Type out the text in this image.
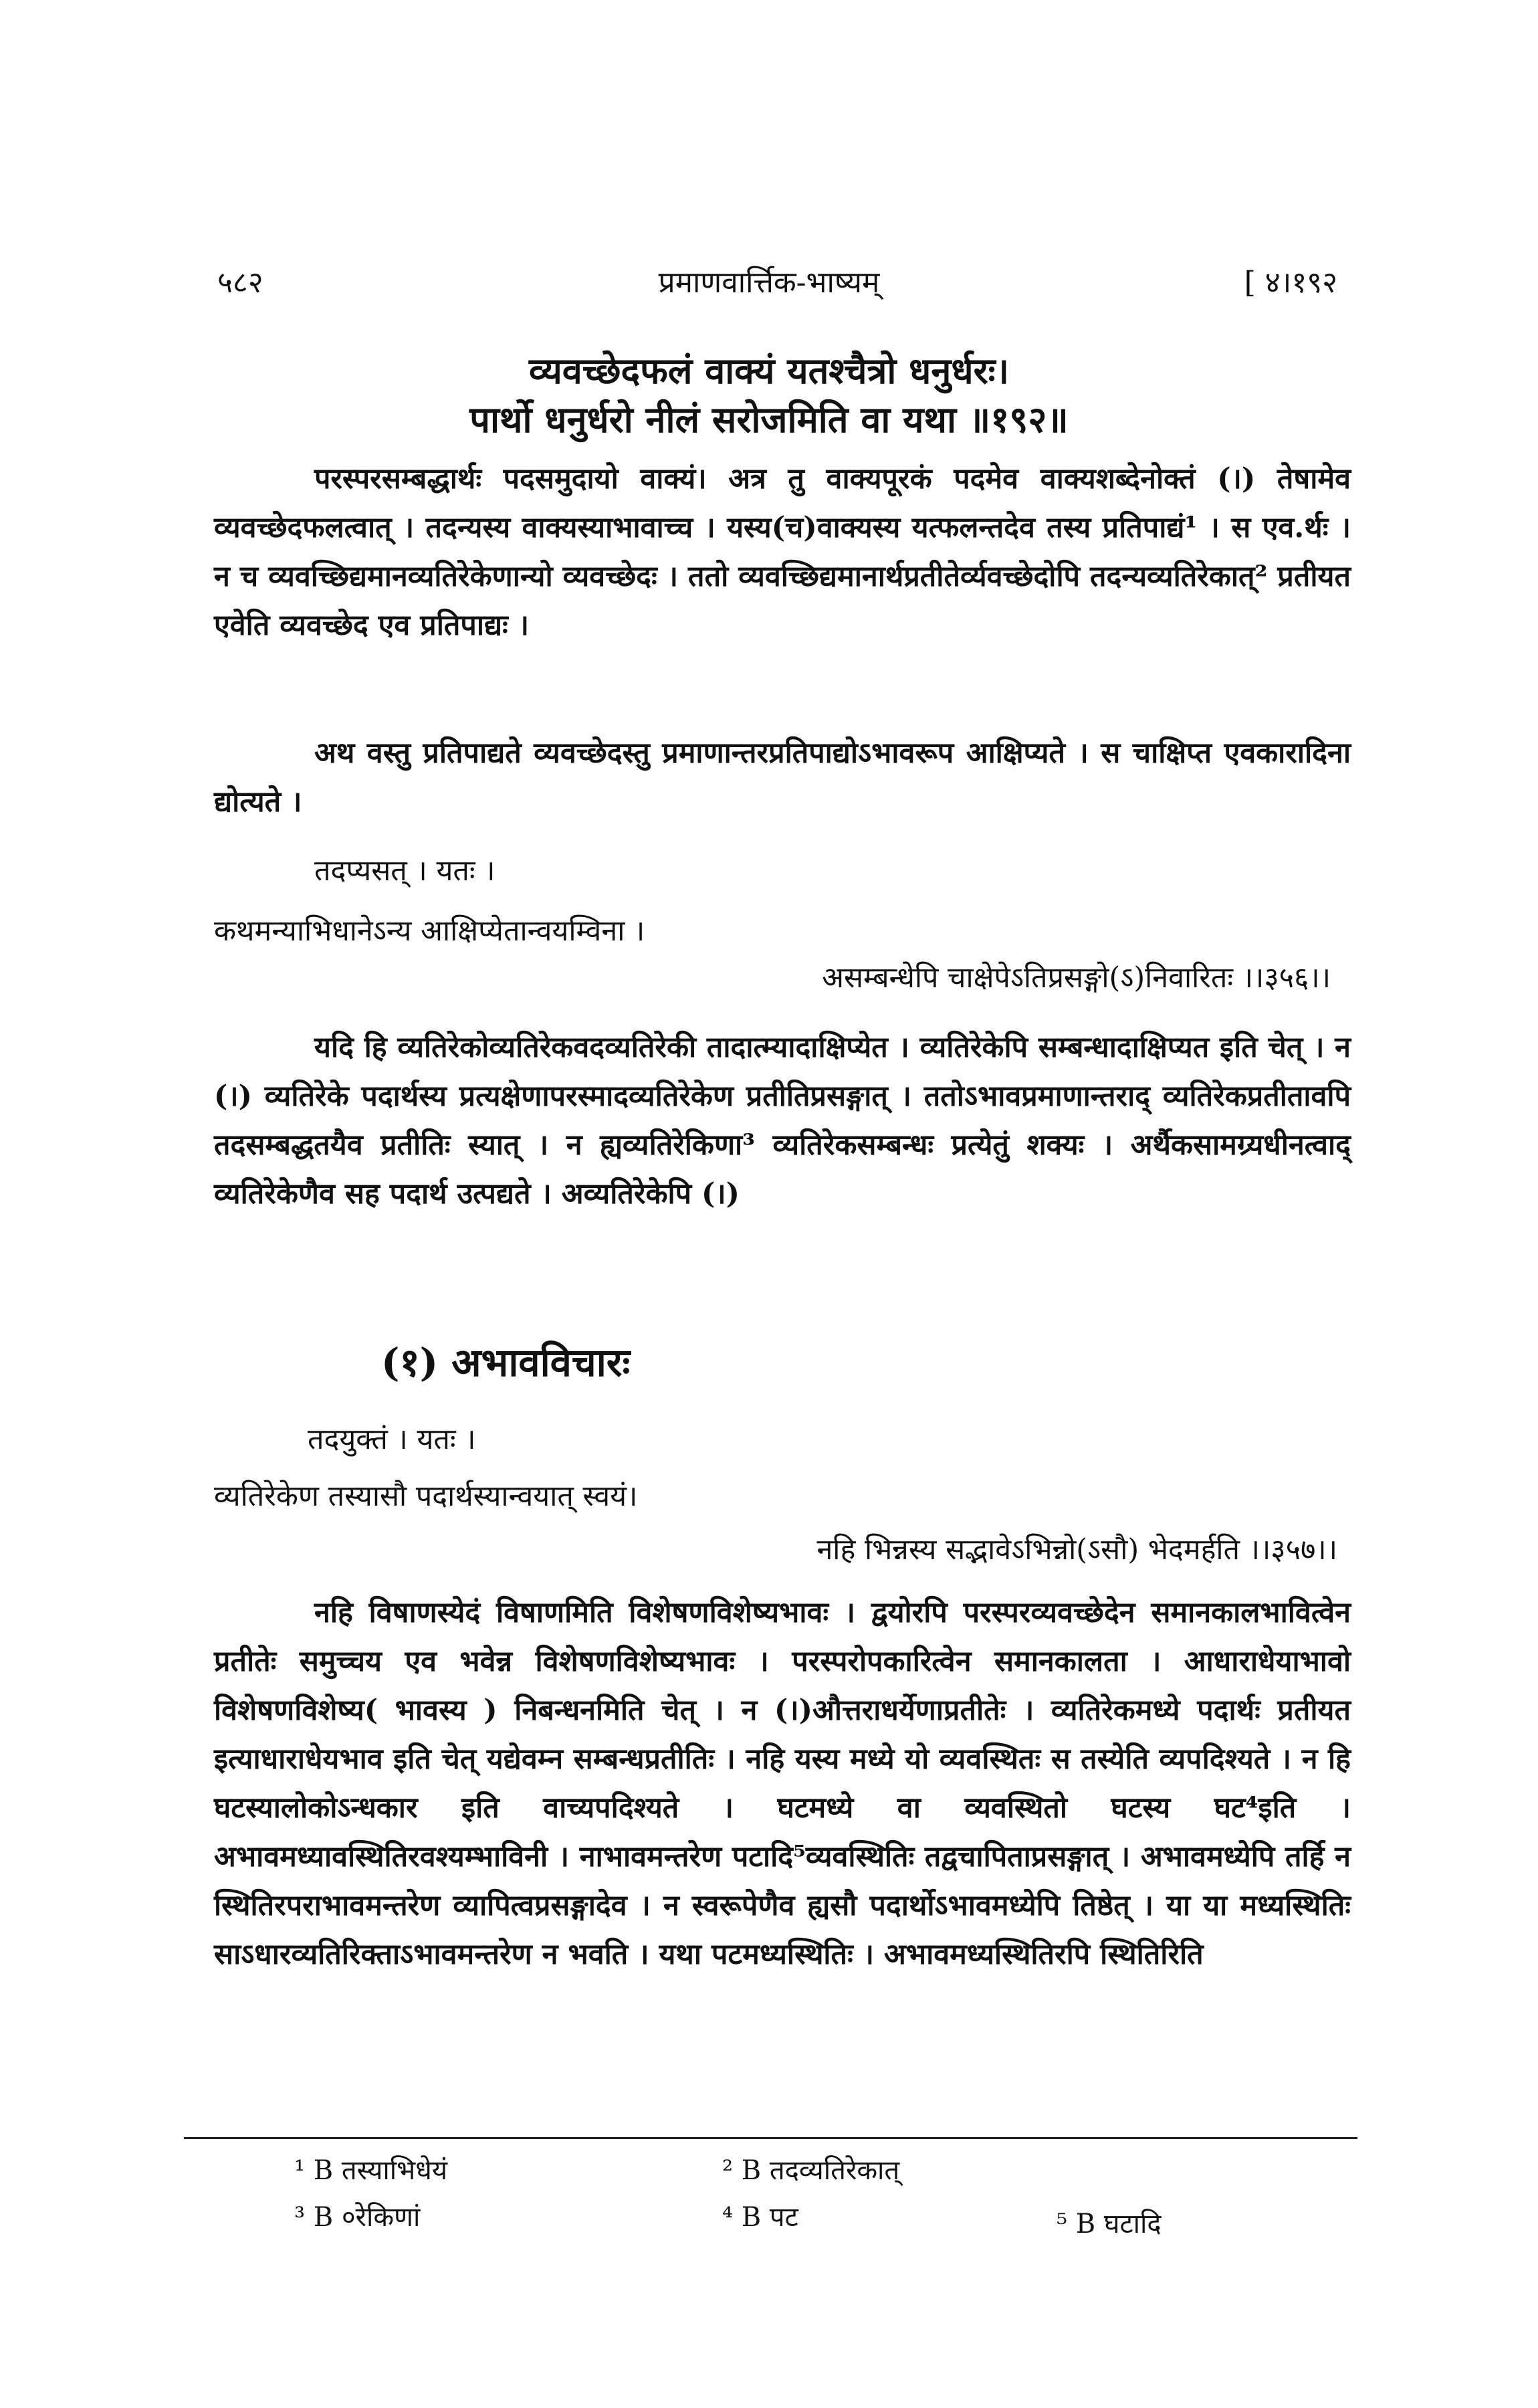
५८२	प्रमाणवार्त्तिक-भाष्यम्	[ ४।१९२
व्यवच्छेदफलं वाक्यं यतश्चैत्रो धनुर्धरः।
पार्थो धनुर्धरो नीलं सरोजमिति वा यथा ॥१९२॥

परस्परसम्बद्धार्थः पदसमुदायो वाक्यं। अत्र तु वाक्यपूरकं पदमेव वाक्यशब्देनोक्तं (।) तेषामेव व्यवच्छेदफलत्वात् । तदन्यस्य वाक्यस्याभावाच्च । यस्य(च)वाक्यस्य यत्फलन्तदेव तस्य प्रतिपाद्यं¹ । स एव.र्थः । न च व्यवच्छिद्यमानव्यतिरेकेणान्यो व्यवच्छेदः । ततो व्यवच्छिद्यमानार्थप्रतीतेर्व्यवच्छेदोपि तदन्यव्यतिरेकात्² प्रतीयत एवेति व्यवच्छेद एव प्रतिपाद्यः ।

अथ वस्तु प्रतिपाद्यते व्यवच्छेदस्तु प्रमाणान्तरप्रतिपाद्योऽभावरूप आक्षिप्यते । स चाक्षिप्त एवकारादिना द्योत्यते ।

तदप्यसत् । यतः ।
कथमन्याभिधानेऽन्य आक्षिप्येतान्वयम्विना ।
असम्बन्धेपि चाक्षेपेऽतिप्रसङ्गो(ऽ)निवारितः ।।३५६।।

यदि हि व्यतिरेकोव्यतिरेकवदव्यतिरेकी तादात्म्यादाक्षिप्येत । व्यतिरेकेपि सम्बन्धादाक्षिप्यत इति चेत् । न (।) व्यतिरेके पदार्थस्य प्रत्यक्षेणापरस्मादव्यतिरेकेण प्रतीतिप्रसङ्गात् । ततोऽभावप्रमाणान्तराद् व्यतिरेकप्रतीतावपि तदसम्बद्धतयैव प्रतीतिः स्यात् । न ह्यव्यतिरेकिणा³ व्यतिरेकसम्बन्धः प्रत्येतुं शक्यः । अर्थैकसामग्र्यधीनत्वाद् व्यतिरेकेणैव सह पदार्थ उत्पद्यते । अव्यतिरेकेपि (।)

(१) अभावविचारः
तदयुक्तं । यतः ।
व्यतिरेकेण तस्यासौ पदार्थस्यान्वयात् स्वयं।
नहि भिन्नस्य सद्भावेऽभिन्नो(ऽसौ) भेदमर्हति ।।३५७।।

नहि विषाणस्येदं विषाणमिति विशेषणविशेष्यभावः । द्वयोरपि परस्परव्यवच्छेदेन समानकालभावित्वेन प्रतीतेः समुच्चय एव भवेन्न विशेषणविशेष्यभावः । परस्परोपकारित्वेन समानकालता । आधाराधेयाभावो विशेषणविशेष्य( भावस्य ) निबन्धनमिति चेत् । न (।)औत्तराधर्येणाप्रतीतेः । व्यतिरेकमध्ये पदार्थः प्रतीयत इत्याधाराधेयभाव इति चेत् यद्येवम्न सम्बन्धप्रतीतिः । नहि यस्य मध्ये यो व्यवस्थितः स तस्येति व्यपदिश्यते । न हि घटस्यालोकोऽन्धकार इति वाच्यपदिश्यते । घटमध्ये वा व्यवस्थितो घटस्य घट⁴इति । अभावमध्यावस्थितिरवश्यम्भाविनी । नाभावमन्तरेण पटादि⁵व्यवस्थितिः तद्वचापिताप्रसङ्गात् । अभावमध्येपि तर्हि न स्थितिरपराभावमन्तरेण व्यापित्वप्रसङ्गादेव । न स्वरूपेणैव ह्यसौ पदार्थोऽभावमध्येपि तिष्ठेत् । या या मध्यस्थितिः साऽधारव्यतिरिक्ताऽभावमन्तरेण न भवति । यथा पटमध्यस्थितिः । अभावमध्यस्थितिरपि स्थितिरिति

¹ B तस्याभिधेयं	² B तदव्यतिरेकात्
³ B ०रेकिणां	⁴ B पट	⁵ B घटादि
